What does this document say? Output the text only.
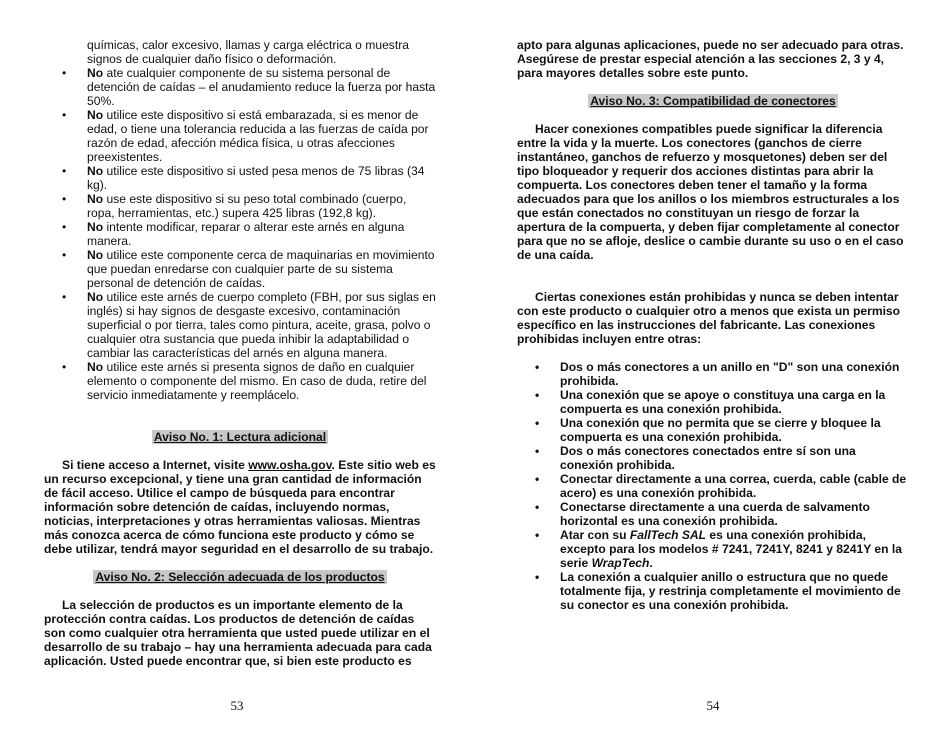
químicas, calor excesivo, llamas y carga eléctrica o muestra signos de cualquier daño físico o deformación.

• No ate cualquier componente de su sistema personal de detención de caídas – el anudamiento reduce la fuerza por hasta 50%.
• No utilice este dispositivo si está embarazada, si es menor de edad, o tiene una tolerancia reducida a las fuerzas de caída por razón de edad, afección médica física, u otras afecciones preexistentes.
• No utilice este dispositivo si usted pesa menos de 75 libras (34 kg).
• No use este dispositivo si su peso total combinado (cuerpo, ropa, herramientas, etc.) supera 425 libras (192,8 kg).
• No intente modificar, reparar o alterar este arnés en alguna manera.
• No utilice este componente cerca de maquinarias en movimiento que puedan enredarse con cualquier parte de su sistema personal de detención de caídas.
• No utilice este arnés de cuerpo completo (FBH, por sus siglas en inglés) si hay signos de desgaste excesivo, contaminación superficial o por tierra, tales como pintura, aceite, grasa, polvo o cualquier otra sustancia que pueda inhibir la adaptabilidad o cambiar las características del arnés en alguna manera.
• No utilice este arnés si presenta signos de daño en cualquier elemento o componente del mismo. En caso de duda, retire del servicio inmediatamente y reemplácelo.

Aviso No. 1: Lectura adicional

Si tiene acceso a Internet, visite www.osha.gov. Este sitio web es un recurso excepcional, y tiene una gran cantidad de información de fácil acceso. Utilice el campo de búsqueda para encontrar información sobre detención de caídas, incluyendo normas, noticias, interpretaciones y otras herramientas valiosas. Mientras más conozca acerca de cómo funciona este producto y cómo se debe utilizar, tendrá mayor seguridad en el desarrollo de su trabajo.

Aviso No. 2: Selección adecuada de los productos

La selección de productos es un importante elemento de la protección contra caídas. Los productos de detención de caídas son como cualquier otra herramienta que usted puede utilizar en el desarrollo de su trabajo – hay una herramienta adecuada para cada aplicación. Usted puede encontrar que, si bien este producto es

53

apto para algunas aplicaciones, puede no ser adecuado para otras. Asegúrese de prestar especial atención a las secciones 2, 3 y 4, para mayores detalles sobre este punto.

Aviso No. 3: Compatibilidad de conectores

Hacer conexiones compatibles puede significar la diferencia entre la vida y la muerte. Los conectores (ganchos de cierre instantáneo, ganchos de refuerzo y mosquetones) deben ser del tipo bloqueador y requerir dos acciones distintas para abrir la compuerta. Los conectores deben tener el tamaño y la forma adecuados para que los anillos o los miembros estructurales a los que están conectados no constituyan un riesgo de forzar la apertura de la compuerta, y deben fijar completamente al conector para que no se afloje, deslice o cambie durante su uso o en el caso de una caída.

Ciertas conexiones están prohibidas y nunca se deben intentar con este producto o cualquier otro a menos que exista un permiso específico en las instrucciones del fabricante. Las conexiones prohibidas incluyen entre otras:

• Dos o más conectores a un anillo en "D" son una conexión prohibida.
• Una conexión que se apoye o constituya una carga en la compuerta es una conexión prohibida.
• Una conexión que no permita que se cierre y bloquee la compuerta es una conexión prohibida.
• Dos o más conectores conectados entre sí son una conexión prohibida.
• Conectar directamente a una correa, cuerda, cable (cable de acero) es una conexión prohibida.
• Conectarse directamente a una cuerda de salvamento horizontal es una conexión prohibida.
• Atar con su FallTech SAL es una conexión prohibida, excepto para los modelos # 7241, 7241Y, 8241 y 8241Y en la serie WrapTech.
• La conexión a cualquier anillo o estructura que no quede totalmente fija, y restrinja completamente el movimiento de su conector es una conexión prohibida.
54
